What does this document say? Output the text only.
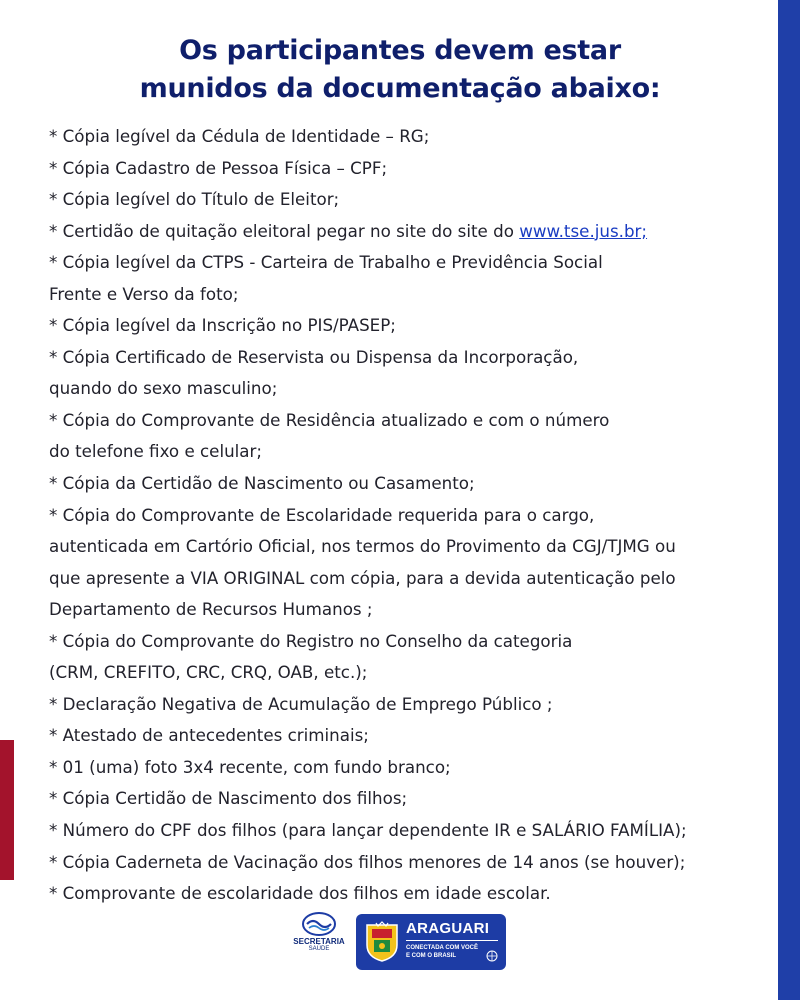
Os participantes devem estar
munidos da documentação abaixo:
* Cópia legível da Cédula de Identidade – RG;
* Cópia Cadastro de Pessoa Física – CPF;
* Cópia legível do Título de Eleitor;
* Certidão de quitação eleitoral pegar no site do site do www.tse.jus.br;
* Cópia legível da CTPS - Carteira de Trabalho e Previdência Social
Frente e Verso da foto;
* Cópia legível da Inscrição no PIS/PASEP;
* Cópia Certificado de Reservista ou Dispensa da Incorporação,
quando do sexo masculino;
* Cópia do Comprovante de Residência atualizado e com o número
do telefone fixo e celular;
* Cópia da Certidão de Nascimento ou Casamento;
* Cópia do Comprovante de Escolaridade requerida para o cargo,
autenticada em Cartório Oficial, nos termos do Provimento da CGJ/TJMG ou
que apresente a VIA ORIGINAL com cópia, para a devida autenticação pelo
Departamento de Recursos Humanos ;
* Cópia do Comprovante do Registro no Conselho da categoria
(CRM, CREFITO, CRC, CRQ, OAB, etc.);
* Declaração Negativa de Acumulação de Emprego Público ;
* Atestado de antecedentes criminais;
* 01 (uma) foto 3x4 recente, com fundo branco;
* Cópia Certidão de Nascimento dos filhos;
* Número do CPF dos filhos (para lançar dependente IR e SALÁRIO FAMÍLIA);
* Cópia Caderneta de Vacinação dos filhos menores de 14 anos (se houver);
* Comprovante de escolaridade dos filhos em idade escolar.
SECRETARIA
SAÚDE
ARAGUARI
CONECTADA COM VOCÊ
E COM O BRASIL
